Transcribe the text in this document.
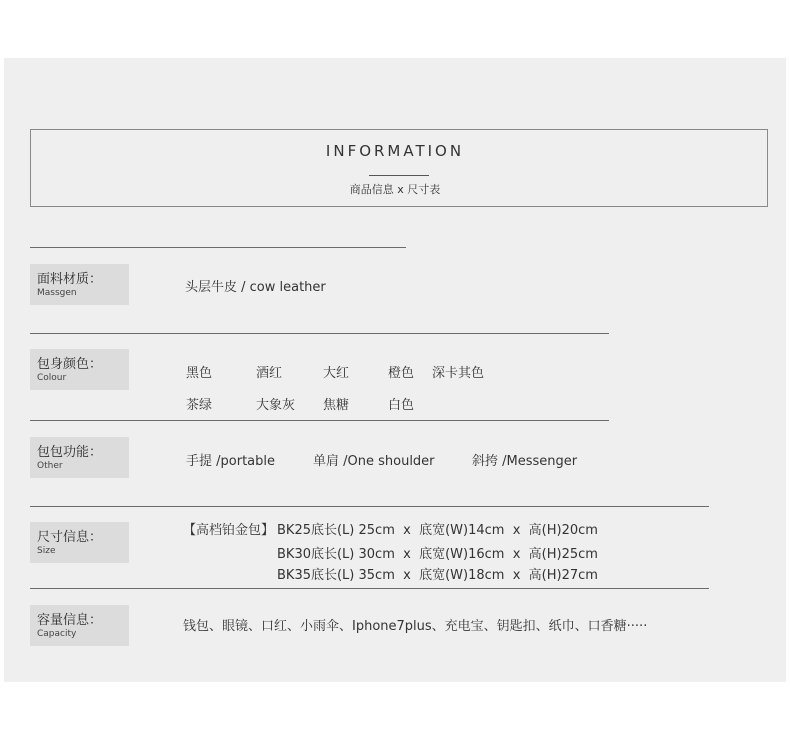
INFORMATION
商品信息 x 尺寸表
面料材质：
Massgen	头层牛皮 / cow leather
包身颜色：
Colour	黑色	酒红	大红	橙色 深卡其色
茶绿	大象灰 焦糖	白色
包包功能：
Other	手提 /portable	单肩 /One shoulder	斜挎 /Messenger
尺寸信息：
Size
【高档铂金包】 BK25底长(L) 25cm  x  底宽(W)14cm  x  高(H)20cm
BK30底长(L) 30cm  x  底宽(W)16cm  x  高(H)25cm
BK35底长(L) 35cm  x  底宽(W)18cm  x  高(H)27cm
容量信息：
Capacity	钱包、眼镜、口红、小雨伞、Iphone7plus、充电宝、钥匙扣、纸巾、口香糖·····
